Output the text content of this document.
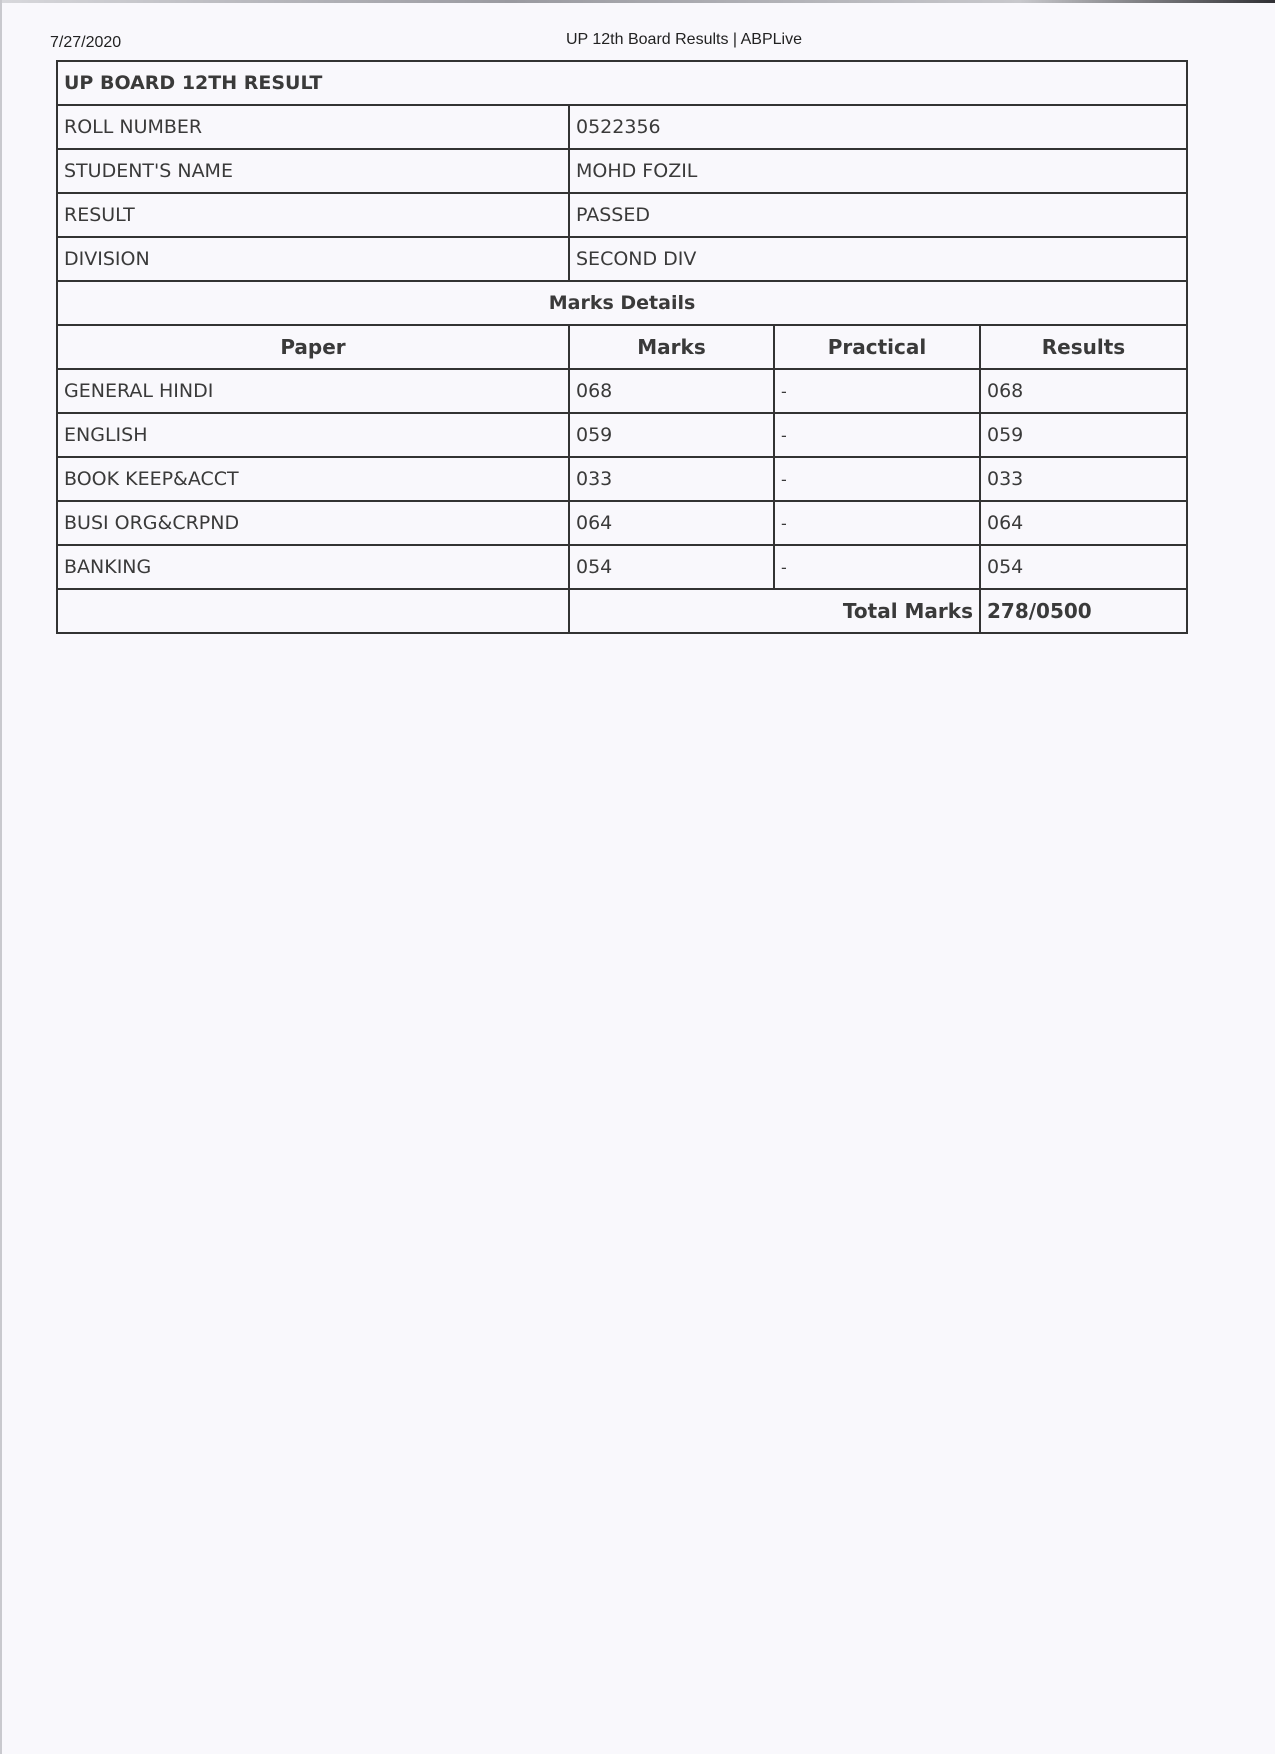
7/27/2020	UP 12th Board Results | ABPLive
UP BOARD 12TH RESULT			
ROLL NUMBER	0522356		
STUDENT'S NAME	MOHD FOZIL		
RESULT	PASSED		
DIVISION	SECOND DIV		
Marks Details			
Paper	Marks	Practical	Results
GENERAL HINDI	068	-	068
ENGLISH	059	-	059
BOOK KEEP&ACCT	033	-	033
BUSI ORG&CRPND	064	-	064
BANKING	054	-	054
	Total Marks		278/0500
